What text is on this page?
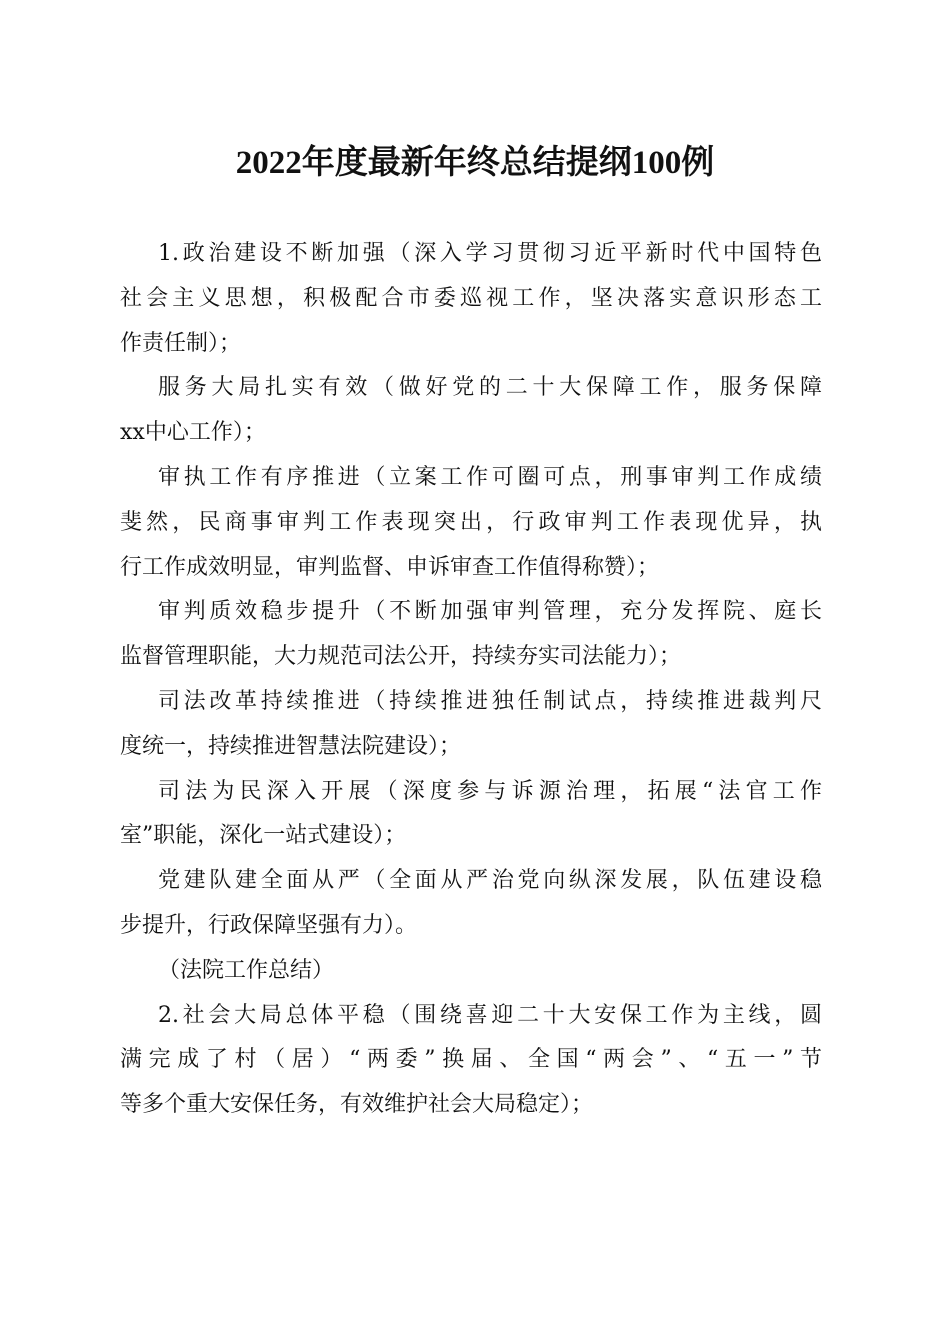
2022年度最新年终总结提纲100例
1.政治建设不断加强（深入学习贯彻习近平新时代中国特色
社会主义思想，积极配合市委巡视工作，坚决落实意识形态工
作责任制）；
服务大局扎实有效（做好党的二十大保障工作，服务保障
xx中心工作）；
审执工作有序推进（立案工作可圈可点，刑事审判工作成绩
斐然，民商事审判工作表现突出，行政审判工作表现优异，执
行工作成效明显，审判监督、申诉审查工作值得称赞）；
审判质效稳步提升（不断加强审判管理，充分发挥院、庭长
监督管理职能，大力规范司法公开，持续夯实司法能力）；
司法改革持续推进（持续推进独任制试点，持续推进裁判尺
度统一，持续推进智慧法院建设）；
司法为民深入开展（深度参与诉源治理，拓展“法官工作
室”职能，深化一站式建设）；
党建队建全面从严（全面从严治党向纵深发展，队伍建设稳
步提升，行政保障坚强有力）。
（法院工作总结）
2.社会大局总体平稳（围绕喜迎二十大安保工作为主线，圆
满完成了村（居）“两委”换届、全国“两会”、“五一”节
等多个重大安保任务，有效维护社会大局稳定）；
